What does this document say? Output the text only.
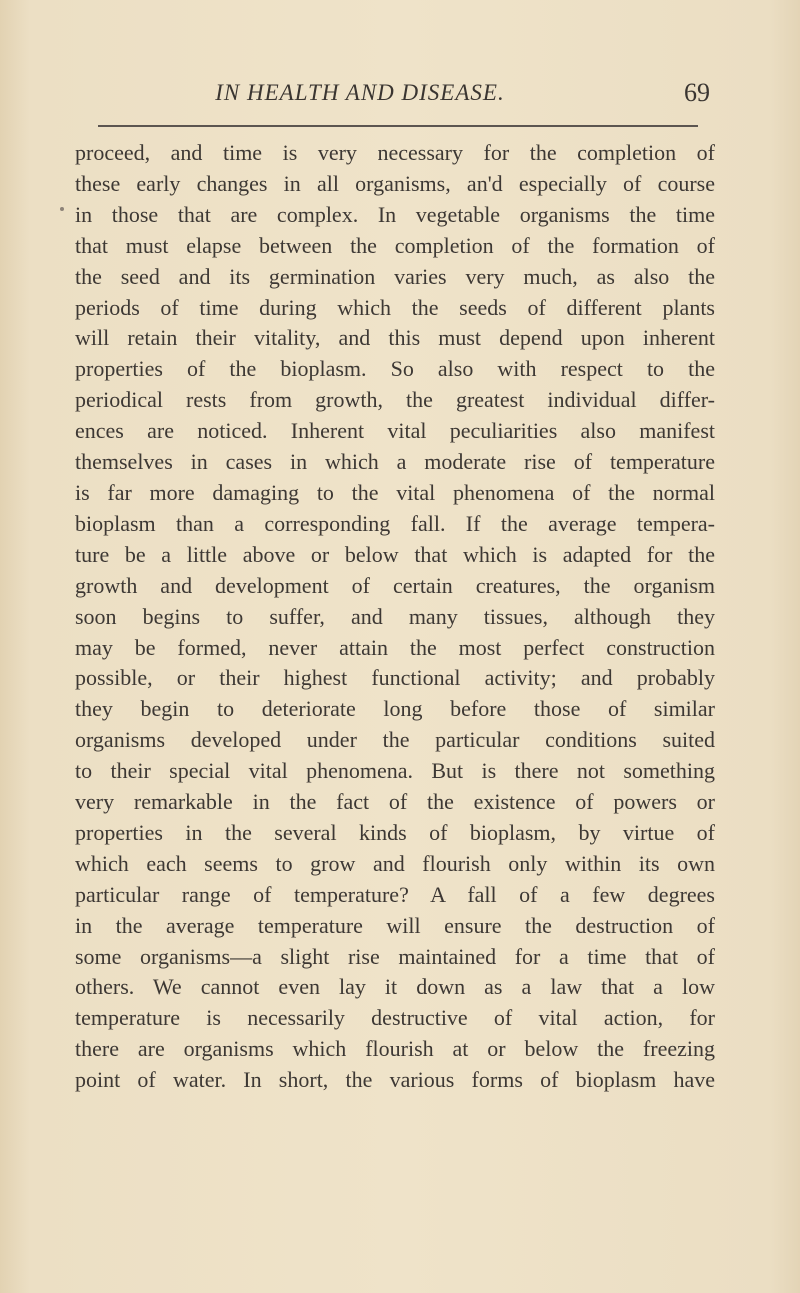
IN HEALTH AND DISEASE.	69
proceed, and time is very necessary for the completion of
these early changes in all organisms, an'd especially of course
in those that are complex. In vegetable organisms the time
that must elapse between the completion of the formation of
the seed and its germination varies very much, as also the
periods of time during which the seeds of different plants
will retain their vitality, and this must depend upon inherent
properties of the bioplasm. So also with respect to the
periodical rests from growth, the greatest individual differ-
ences are noticed. Inherent vital peculiarities also manifest
themselves in cases in which a moderate rise of temperature
is far more damaging to the vital phenomena of the normal
bioplasm than a corresponding fall. If the average tempera-
ture be a little above or below that which is adapted for the
growth and development of certain creatures, the organism
soon begins to suffer, and many tissues, although they
may be formed, never attain the most perfect construction
possible, or their highest functional activity; and probably
they begin to deteriorate long before those of similar
organisms developed under the particular conditions suited
to their special vital phenomena. But is there not something
very remarkable in the fact of the existence of powers or
properties in the several kinds of bioplasm, by virtue of
which each seems to grow and flourish only within its own
particular range of temperature? A fall of a few degrees
in the average temperature will ensure the destruction of
some organisms—a slight rise maintained for a time that of
others. We cannot even lay it down as a law that a low
temperature is necessarily destructive of vital action, for
there are organisms which flourish at or below the freezing
point of water. In short, the various forms of bioplasm have
